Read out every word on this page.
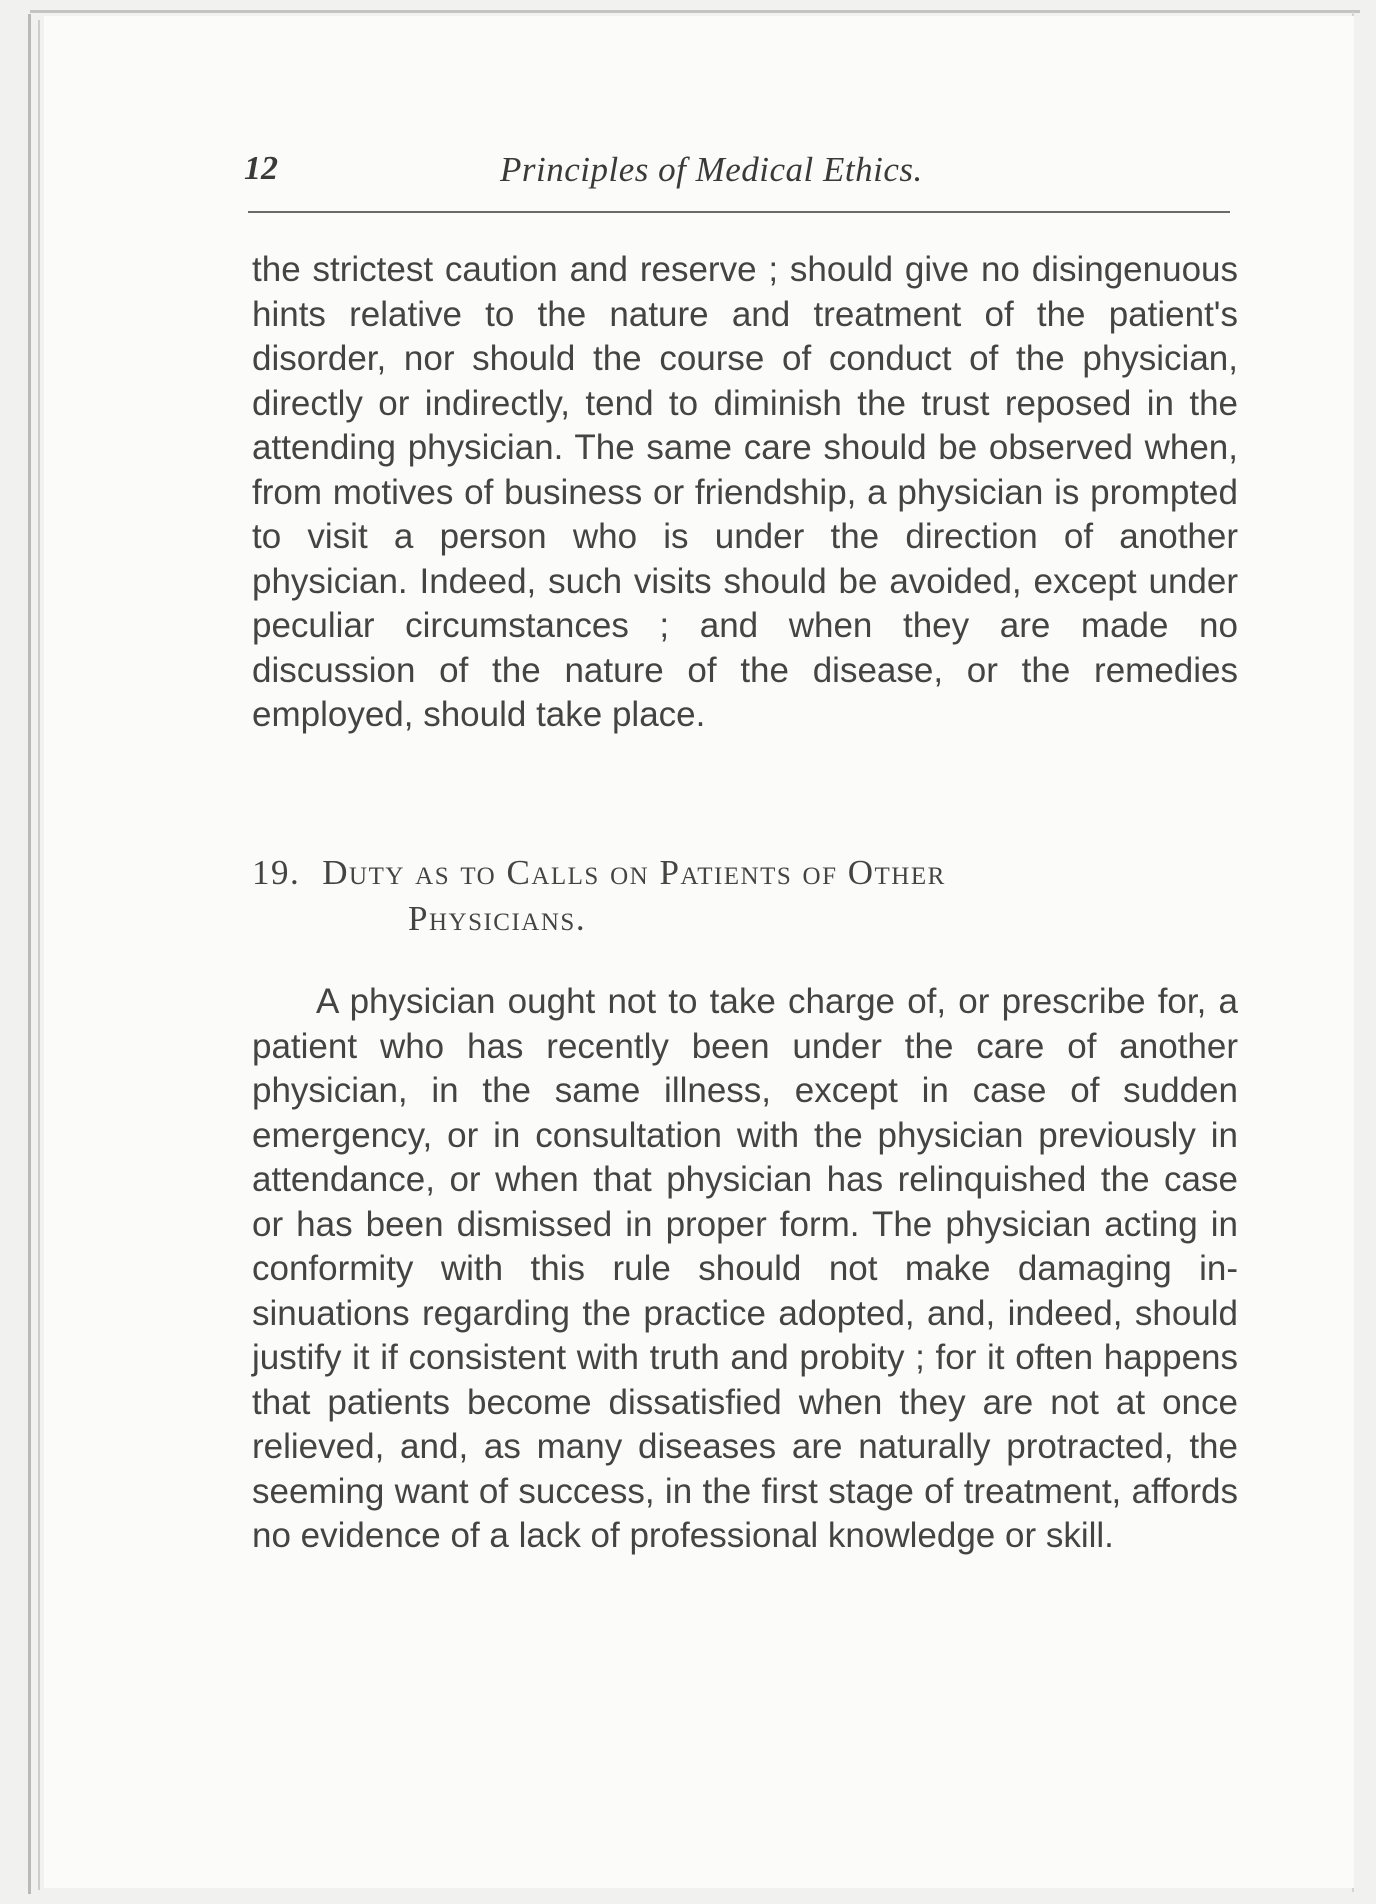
12	Principles of Medical Ethics.

the strictest caution and reserve ; should give no disingenuous hints relative to the nature and treatment of the patient's disorder, nor should the course of conduct of the physician, directly or indirectly, tend to diminish the trust reposed in the attending physician. The same care should be observed when, from motives of business or friendship, a physician is prompted to visit a person who is under the direction of another physician. Indeed, such visits should be avoided, except under peculiar circumstances ; and when they are made no discussion of the nature of the disease, or the remedies employed, should take place.

19. Duty as to Calls on Patients of Other
Physicians.

A physician ought not to take charge of, or prescribe for, a patient who has recently been under the care of another physician, in the same illness, except in case of sudden emergency, or in consultation with the physician previously in attendance, or when that physician has relinquished the case or has been dismissed in proper form. The physician acting in conformity with this rule should not make damaging insinuations regarding the practice adopted, and, indeed, should justify it if consistent with truth and probity ; for it often happens that patients become dissatisfied when they are not at once relieved, and, as many diseases are naturally protracted, the seeming want of success, in the first stage of treatment, affords no evidence of a lack of professional knowledge or skill.
